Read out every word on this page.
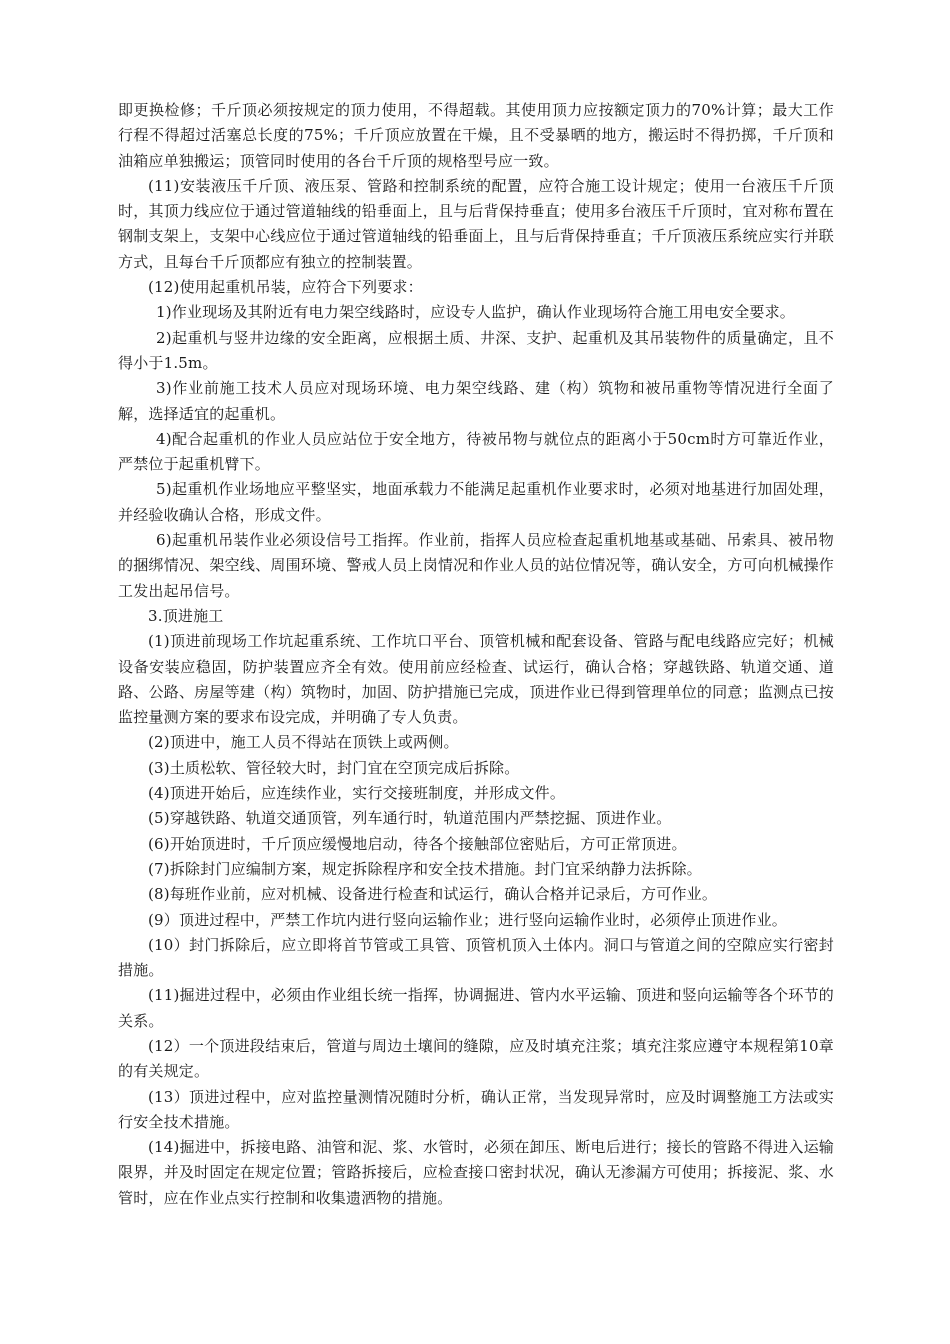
即更换检修；千斤顶必须按规定的顶力使用，不得超载。其使用顶力应按额定顶力的70%计算；最大工作行程不得超过活塞总长度的75%；千斤顶应放置在干燥，且不受暴晒的地方，搬运时不得扔掷，千斤顶和油箱应单独搬运；顶管同时使用的各台千斤顶的规格型号应一致。

(11)安装液压千斤顶、液压泵、管路和控制系统的配置，应符合施工设计规定；使用一台液压千斤顶时，其顶力线应位于通过管道轴线的铅垂面上，且与后背保持垂直；使用多台液压千斤顶时，宜对称布置在钢制支架上，支架中心线应位于通过管道轴线的铅垂面上，且与后背保持垂直；千斤顶液压系统应实行并联方式，且每台千斤顶都应有独立的控制装置。

(12)使用起重机吊装，应符合下列要求：

1)作业现场及其附近有电力架空线路时，应设专人监护，确认作业现场符合施工用电安全要求。

2)起重机与竖井边缘的安全距离，应根据土质、井深、支护、起重机及其吊装物件的质量确定，且不得小于1.5m。

3)作业前施工技术人员应对现场环境、电力架空线路、建（构）筑物和被吊重物等情况进行全面了解，选择适宜的起重机。

4)配合起重机的作业人员应站位于安全地方，待被吊物与就位点的距离小于50cm时方可靠近作业，严禁位于起重机臂下。

5)起重机作业场地应平整坚实，地面承载力不能满足起重机作业要求时，必须对地基进行加固处理，并经验收确认合格，形成文件。

6)起重机吊装作业必须设信号工指挥。作业前，指挥人员应检查起重机地基或基础、吊索具、被吊物的捆绑情况、架空线、周围环境、警戒人员上岗情况和作业人员的站位情况等，确认安全，方可向机械操作工发出起吊信号。

3.顶进施工

(1)顶进前现场工作坑起重系统、工作坑口平台、顶管机械和配套设备、管路与配电线路应完好；机械设备安装应稳固，防护装置应齐全有效。使用前应经检查、试运行，确认合格；穿越铁路、轨道交通、道路、公路、房屋等建（构）筑物时，加固、防护措施已完成，顶进作业已得到管理单位的同意；监测点已按监控量测方案的要求布设完成，并明确了专人负责。

(2)顶进中，施工人员不得站在顶铁上或两侧。

(3)土质松软、管径较大时，封门宜在空顶完成后拆除。

(4)顶进开始后，应连续作业，实行交接班制度，并形成文件。

(5)穿越铁路、轨道交通顶管，列车通行时，轨道范围内严禁挖掘、顶进作业。

(6)开始顶进时，千斤顶应缓慢地启动，待各个接触部位密贴后，方可正常顶进。

(7)拆除封门应编制方案，规定拆除程序和安全技术措施。封门宜采纳静力法拆除。

(8)每班作业前，应对机械、设备进行检查和试运行，确认合格并记录后，方可作业。

(9）顶进过程中，严禁工作坑内进行竖向运输作业；进行竖向运输作业时，必须停止顶进作业。

(10）封门拆除后，应立即将首节管或工具管、顶管机顶入土体内。洞口与管道之间的空隙应实行密封措施。

(11)掘进过程中，必须由作业组长统一指挥，协调掘进、管内水平运输、顶进和竖向运输等各个环节的关系。

(12）一个顶进段结束后，管道与周边土壤间的缝隙，应及时填充注浆；填充注浆应遵守本规程第10章的有关规定。

(13）顶进过程中，应对监控量测情况随时分析，确认正常，当发现异常时，应及时调整施工方法或实行安全技术措施。

(14)掘进中，拆接电路、油管和泥、浆、水管时，必须在卸压、断电后进行；接长的管路不得进入运输限界，并及时固定在规定位置；管路拆接后，应检查接口密封状况，确认无渗漏方可使用；拆接泥、浆、水管时，应在作业点实行控制和收集遗洒物的措施。
